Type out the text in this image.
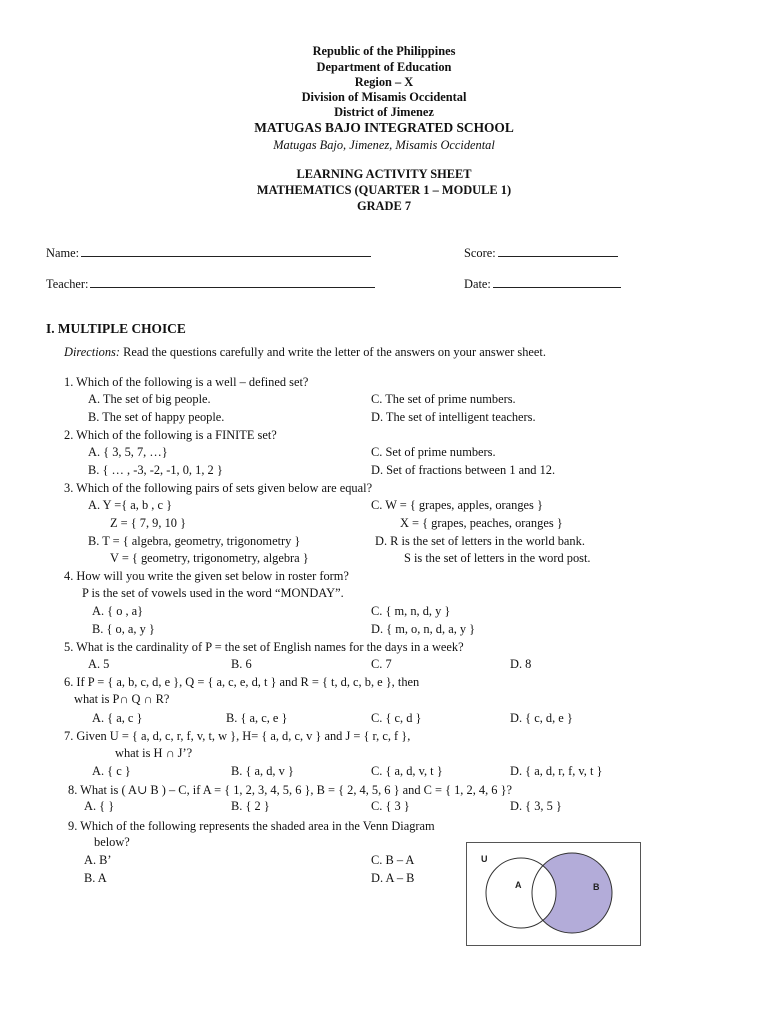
Republic of the Philippines
Department of Education
Region – X
Division of Misamis Occidental
District of Jimenez
MATUGAS BAJO INTEGRATED SCHOOL
Matugas Bajo, Jimenez, Misamis Occidental
LEARNING ACTIVITY SHEET
MATHEMATICS (QUARTER 1 – MODULE 1)
GRADE 7
Name:	Score:
Teacher:	Date:
I. MULTIPLE CHOICE
Directions: Read the questions carefully and write the letter of the answers on your answer sheet.
1. Which of the following is a well – defined set?
A. The set of big people.	C. The set of prime numbers.
B. The set of happy people.	D. The set of intelligent teachers.
2. Which of the following is a FINITE set?
A. { 3, 5, 7, …}	C. Set of prime numbers.
B. { … , -3, -2, -1, 0, 1, 2 }	D. Set of fractions between 1 and 12.
3. Which of the following pairs of sets given below are equal?
A. Y ={ a, b , c }	C. W = { grapes, apples, oranges }
Z = { 7, 9, 10 }	X = { grapes, peaches, oranges }
B. T = { algebra, geometry, trigonometry }	D. R is the set of letters in the world bank.
V = { geometry, trigonometry, algebra }	S is the set of letters in the word post.
4. How will you write the given set below in roster form?
P is the set of vowels used in the word “MONDAY”.
A. { o , a}	C. { m, n, d, y }
B. { o, a, y }	D. { m, o, n, d, a, y }
5. What is the cardinality of P = the set of English names for the days in a week?
A. 5	B. 6	C. 7	D. 8
6. If P = { a, b, c, d, e }, Q = { a, c, e, d, t } and R = { t, d, c, b, e }, then
what is P∩ Q ∩ R?
A. { a, c }	B. { a, c, e }	C. { c, d }	D. { c, d, e }
7. Given U = { a, d, c, r, f, v, t, w }, H= { a, d, c, v } and J = { r, c, f },
what is H ∩ J’?
A. { c }	B. { a, d, v }	C. { a, d, v, t }	D. { a, d, r, f, v, t }
8. What is ( A∪ B ) – C, if A = { 1, 2, 3, 4, 5, 6 }, B = { 2, 4, 5, 6 } and C = { 1, 2, 4, 6 }?
A. { }	B. { 2 }	C. { 3 }	D. { 3, 5 }
9. Which of the following represents the shaded area in the Venn Diagram
below?
A. B’	C. B – A
B. A	D. A – B
U
A	B
